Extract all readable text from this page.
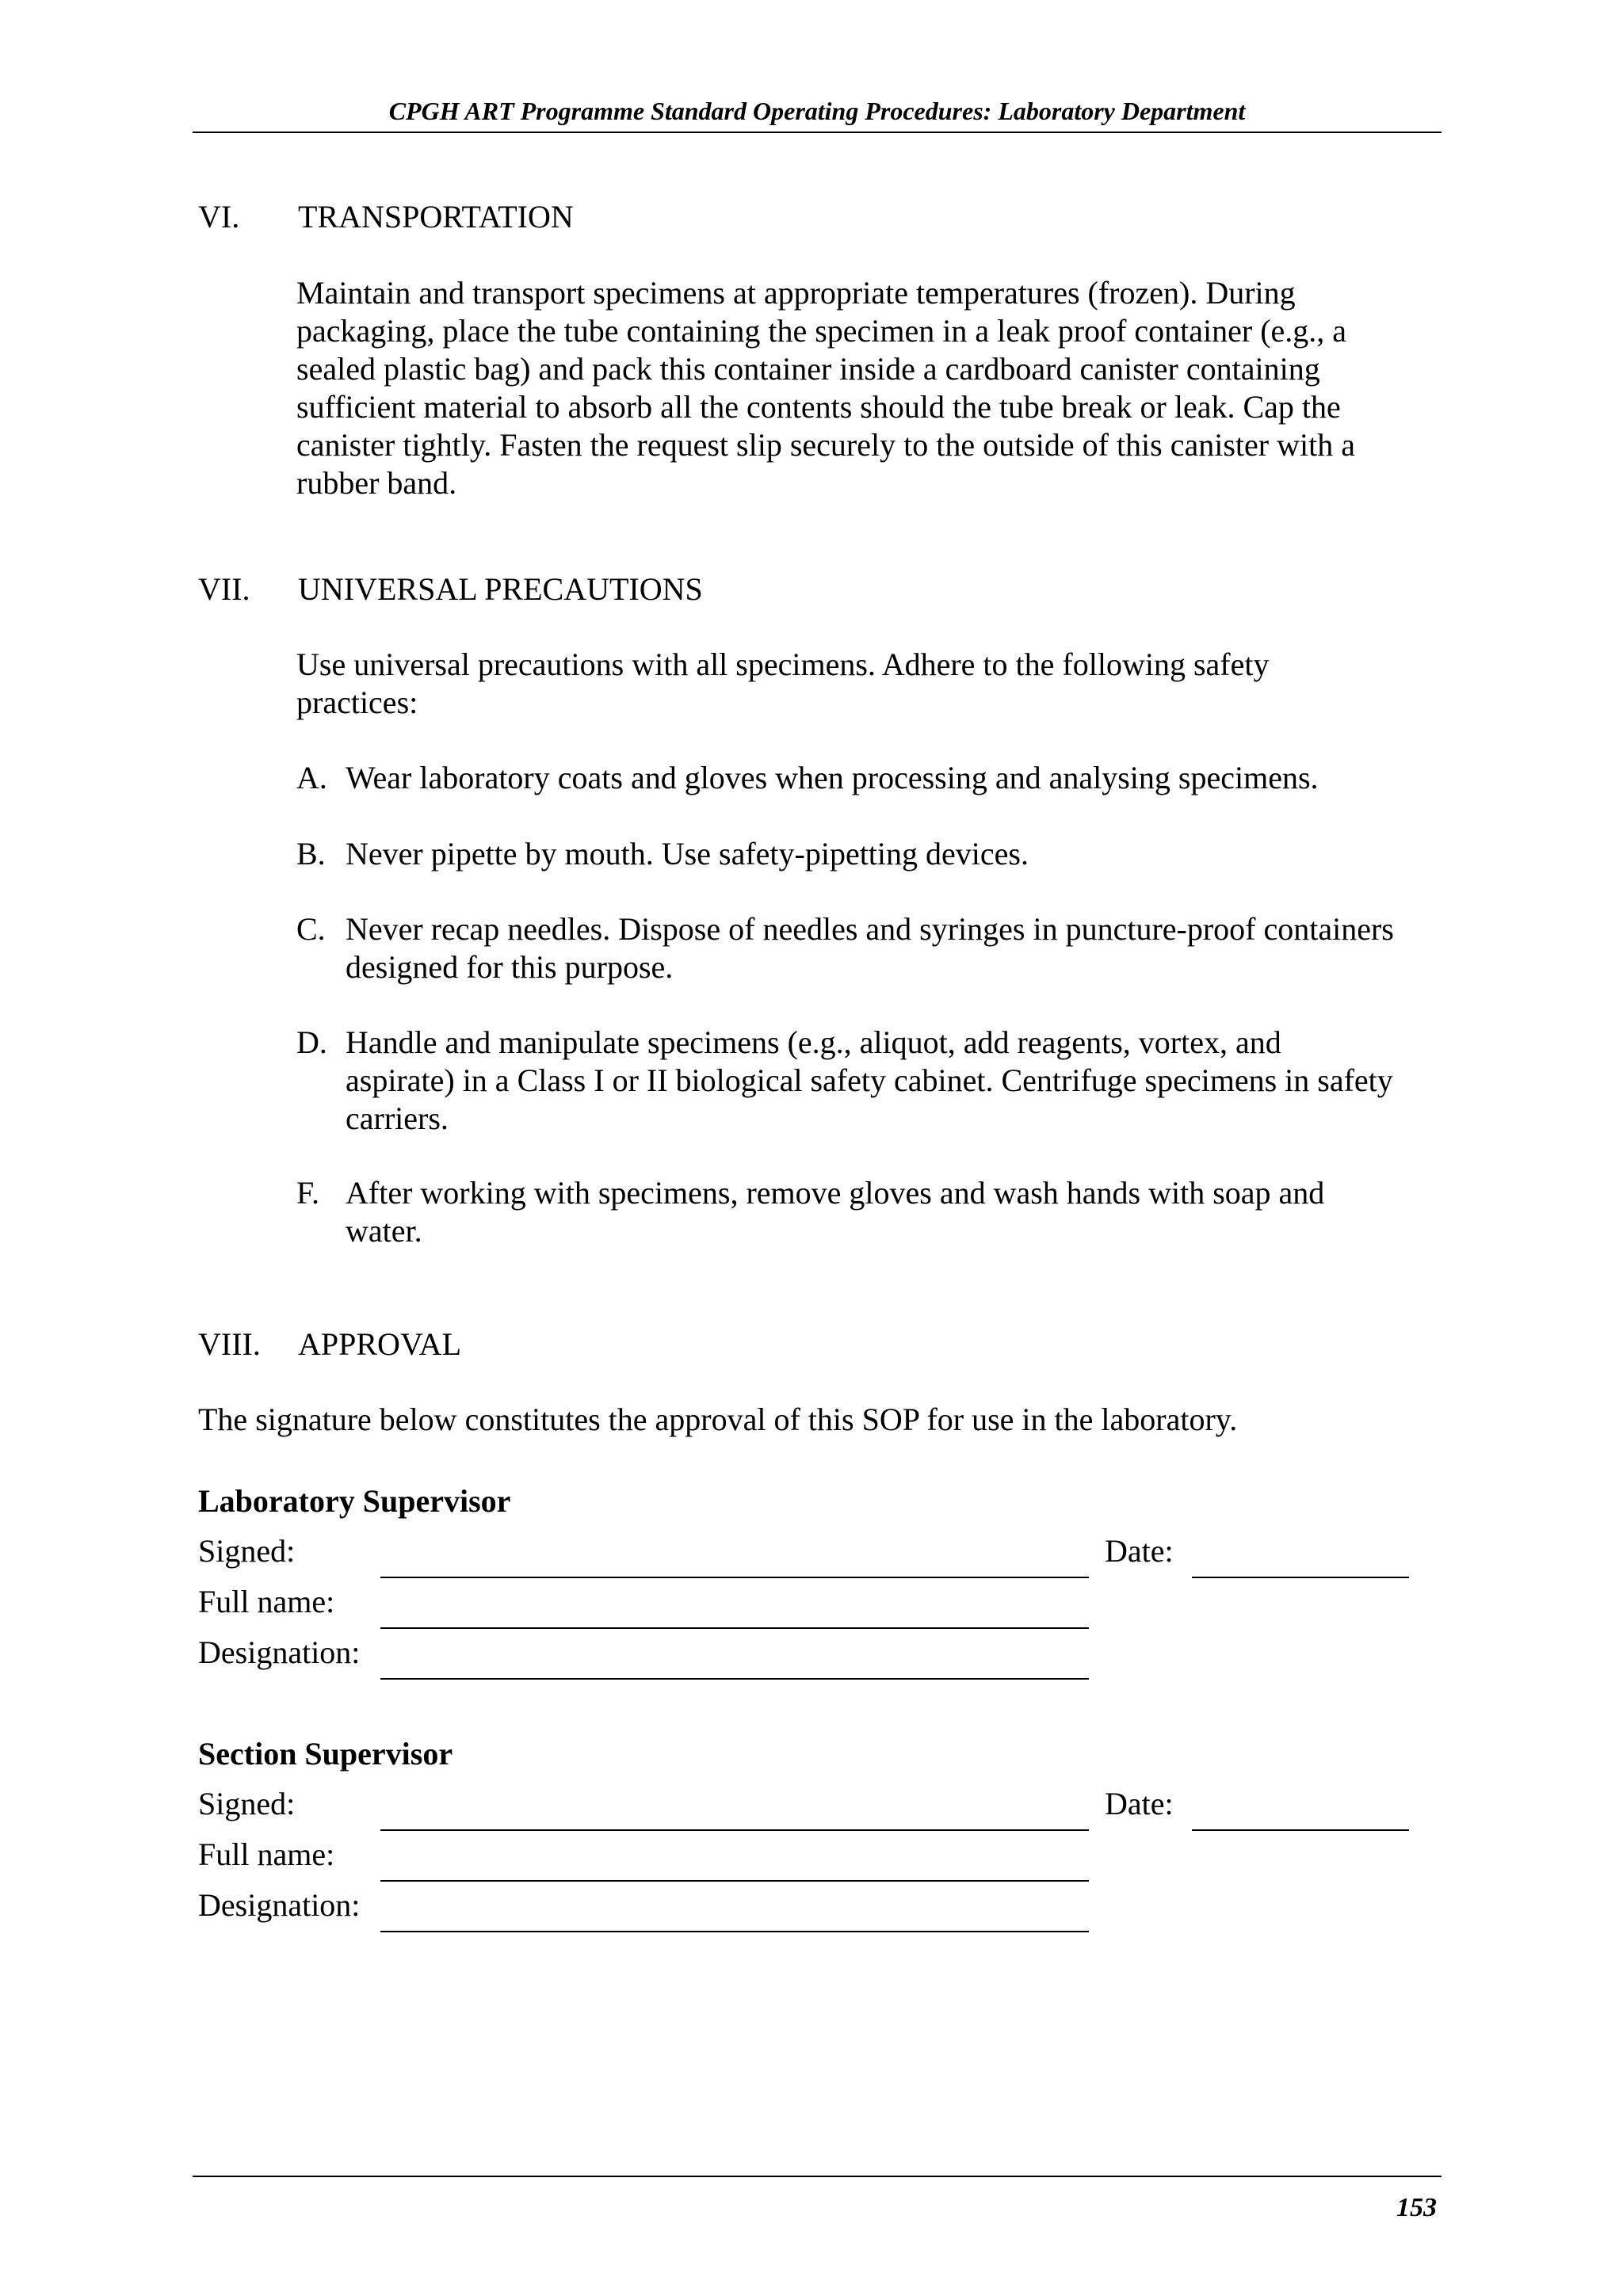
CPGH ART Programme Standard Operating Procedures: Laboratory Department
VI. TRANSPORTATION
Maintain and transport specimens at appropriate temperatures (frozen). During
packaging, place the tube containing the specimen in a leak proof container (e.g., a
sealed plastic bag) and pack this container inside a cardboard canister containing
sufficient material to absorb all the contents should the tube break or leak. Cap the
canister tightly. Fasten the request slip securely to the outside of this canister with a
rubber band.
VII. UNIVERSAL PRECAUTIONS
Use universal precautions with all specimens. Adhere to the following safety
practices:
A. Wear laboratory coats and gloves when processing and analysing specimens.
B. Never pipette by mouth. Use safety-pipetting devices.
C. Never recap needles. Dispose of needles and syringes in puncture-proof containers
designed for this purpose.
D. Handle and manipulate specimens (e.g., aliquot, add reagents, vortex, and
aspirate) in a Class I or II biological safety cabinet. Centrifuge specimens in safety
carriers.
F. After working with specimens, remove gloves and wash hands with soap and
water.
VIII. APPROVAL
The signature below constitutes the approval of this SOP for use in the laboratory.
Laboratory Supervisor
Signed:	Date:
Full name:
Designation:
Section Supervisor
Signed:	Date:
Full name:
Designation:
153
